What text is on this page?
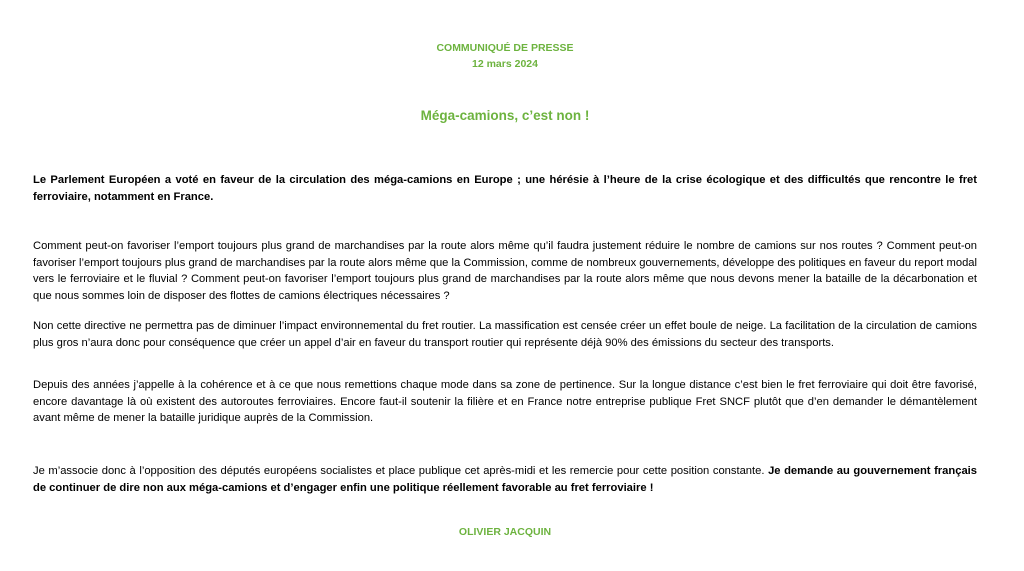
COMMUNIQUÉ DE PRESSE
12 mars 2024
Méga-camions, c’est non !
Le Parlement Européen a voté en faveur de la circulation des méga-camions en Europe ; une hérésie à l’heure de la crise écologique et des difficultés que rencontre le fret ferroviaire, notamment en France.

Comment peut-on favoriser l’emport toujours plus grand de marchandises par la route alors même qu’il faudra justement réduire le nombre de camions sur nos routes ? Comment peut-on favoriser l’emport toujours plus grand de marchandises par la route alors même que la Commission, comme de nombreux gouvernements, développe des politiques en faveur du report modal vers le ferroviaire et le fluvial ? Comment peut-on favoriser l’emport toujours plus grand de marchandises par la route alors même que nous devons mener la bataille de la décarbonation et que nous sommes loin de disposer des flottes de camions électriques nécessaires ?

Non cette directive ne permettra pas de diminuer l’impact environnemental du fret routier. La massification est censée créer un effet boule de neige. La facilitation de la circulation de camions plus gros n’aura donc pour conséquence que créer un appel d’air en faveur du transport routier qui représente déjà 90% des émissions du secteur des transports.

Depuis des années j’appelle à la cohérence et à ce que nous remettions chaque mode dans sa zone de pertinence. Sur la longue distance c’est bien le fret ferroviaire qui doit être favorisé, encore davantage là où existent des autoroutes ferroviaires. Encore faut-il soutenir la filière et en France notre entreprise publique Fret SNCF plutôt que d’en demander le démantèlement avant même de mener la bataille juridique auprès de la Commission.

Je m’associe donc à l’opposition des députés européens socialistes et place publique cet après-midi et les remercie pour cette position constante. Je demande au gouvernement français de continuer de dire non aux méga-camions et d’engager enfin une politique réellement favorable au fret ferroviaire !

OLIVIER JACQUIN
